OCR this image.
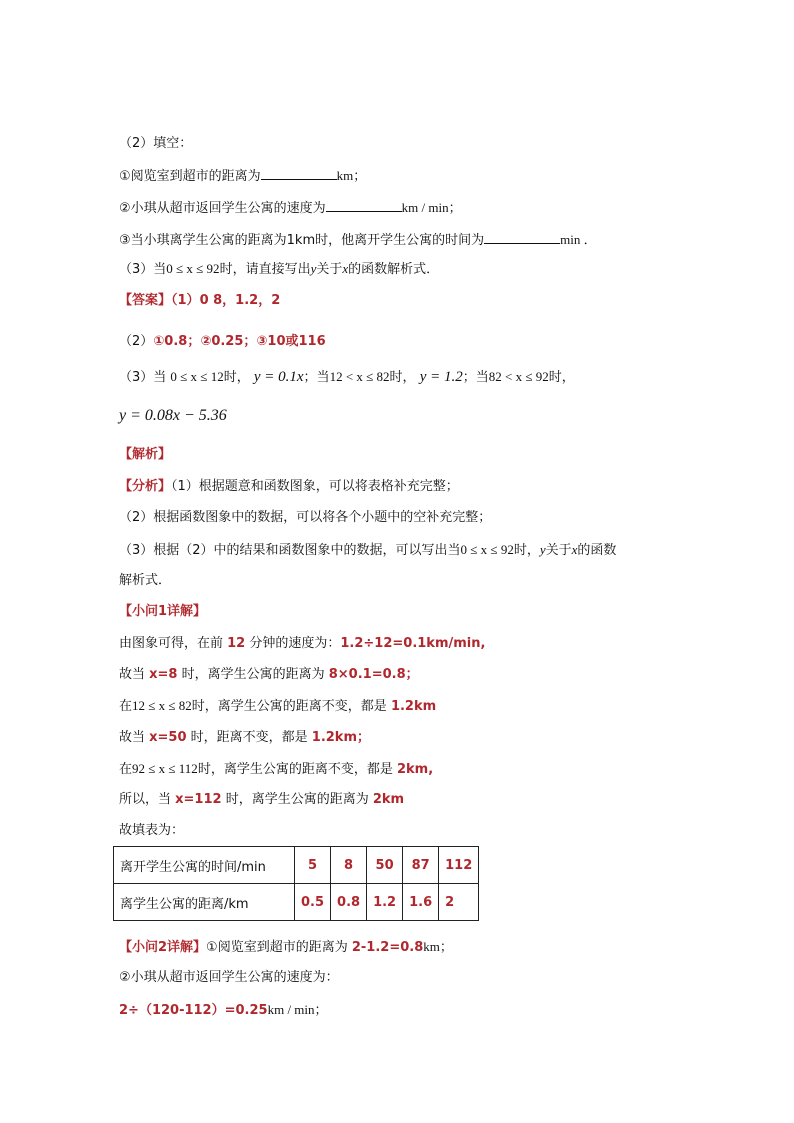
（2）填空：
①阅览室到超市的距离为	km；
②小琪从超市返回学生公寓的速度为	km / min；
③当小琪离学生公寓的距离为1km时，他离开学生公寓的时间为	min ．
（3）当0 ≤ x ≤ 92时，请直接写出y关于x的函数解析式．
【答案】（1）0 8，1.2，2
（2）①0.8；②0.25；③10或116
（3）当 0 ≤ x ≤ 12时， y = 0.1x；当12 < x ≤ 82时， y = 1.2；当82 < x ≤ 92时，
y = 0.08x − 5.36
【解析】
【分析】（1）根据题意和函数图象，可以将表格补充完整；
（2）根据函数图象中的数据，可以将各个小题中的空补充完整；
（3）根据（2）中的结果和函数图象中的数据，可以写出当0 ≤ x ≤ 92时，y关于x的函数
解析式．
【小问1详解】
由图象可得，在前 12 分钟的速度为：1.2÷12=0.1km/min,
故当 x=8 时，离学生公寓的距离为 8×0.1=0.8；
在12 ≤ x ≤ 82时，离学生公寓的距离不变，都是 1.2km
故当 x=50 时，距离不变，都是 1.2km；
在92 ≤ x ≤ 112时，离学生公寓的距离不变，都是 2km,
所以，当 x=112 时，离学生公寓的距离为 2km
故填表为：
离开学生公寓的时间/min	5	8	50	87	112
离学生公寓的距离/km	0.5	0.8	1.2	1.6	2
【小问2详解】①阅览室到超市的距离为 2-1.2=0.8km；
②小琪从超市返回学生公寓的速度为：
2÷（120-112）=0.25km / min；
